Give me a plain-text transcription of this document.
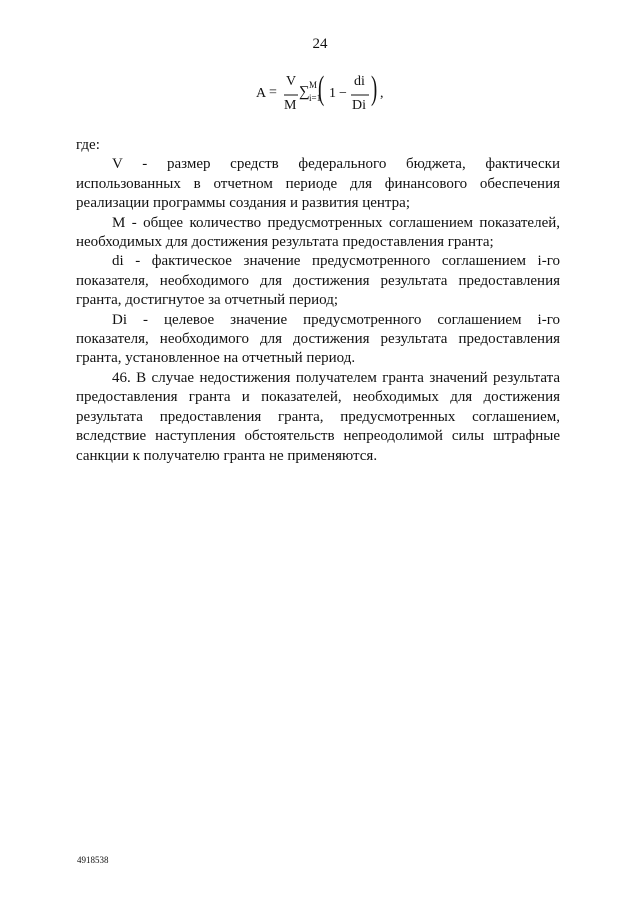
24
A =
V
M
∑ M
i=1
( 1 −
di
Di ) ,

где:

V - размер средств федерального бюджета, фактически использованных в отчетном периоде для финансового обеспечения реализации программы создания и развития центра;

M - общее количество предусмотренных соглашением показателей, необходимых для достижения результата предоставления гранта;

di - фактическое значение предусмотренного соглашением i-го показателя, необходимого для достижения результата предоставления гранта, достигнутое за отчетный период;

Di - целевое значение предусмотренного соглашением i-го показателя, необходимого для достижения результата предоставления гранта, установленное на отчетный период.

46. В случае недостижения получателем гранта значений результата предоставления гранта и показателей, необходимых для достижения результата предоставления гранта, предусмотренных соглашением, вследствие наступления обстоятельств непреодолимой силы штрафные санкции к получателю гранта не применяются.

4918538
